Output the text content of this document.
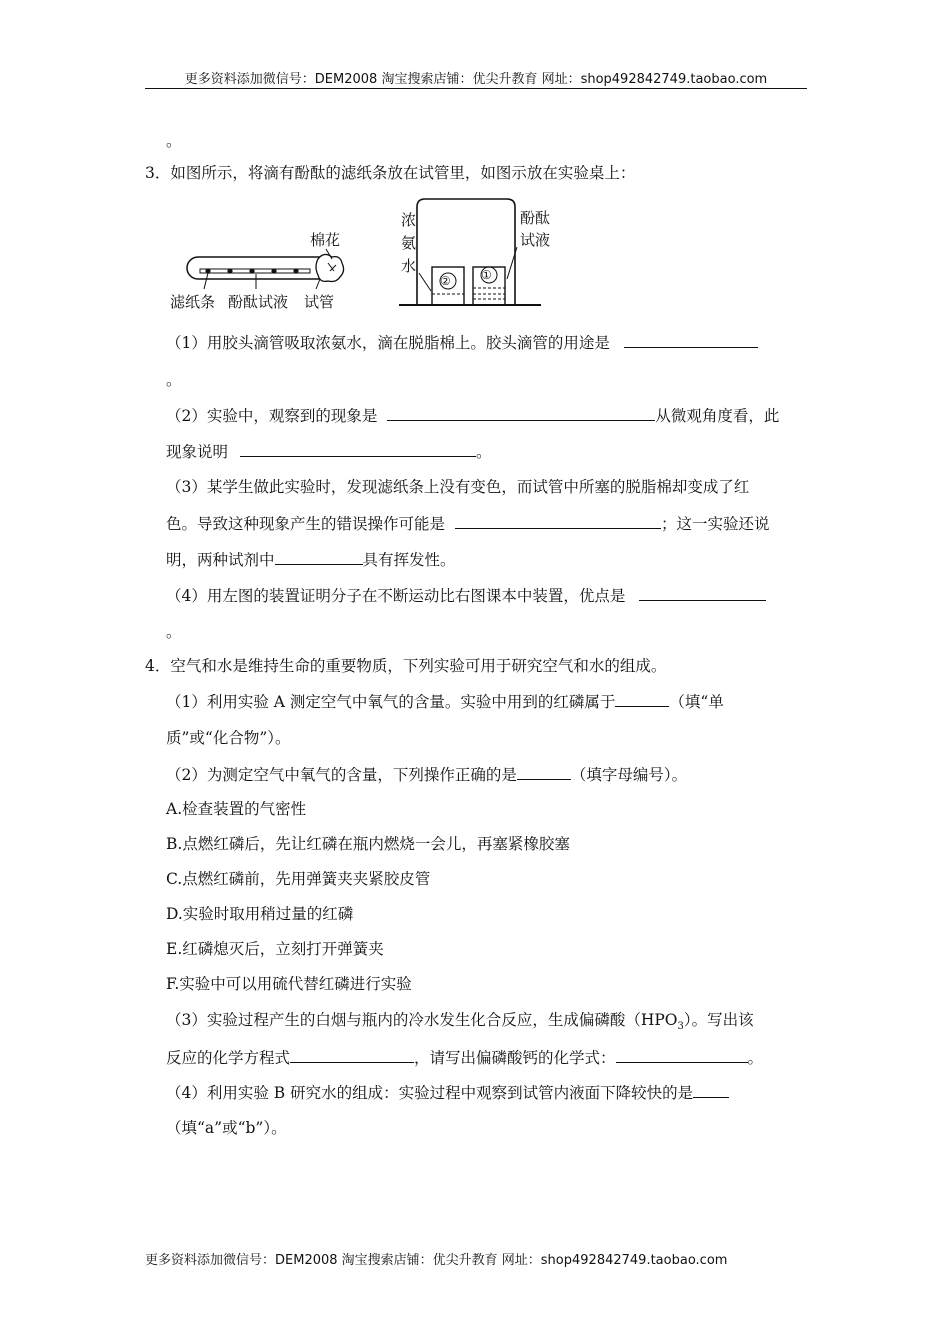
更多资料添加微信号：DEM2008 淘宝搜索店铺：优尖升教育 网址：shop492842749.taobao.com
。
3．如图所示，将滴有酚酞的滤纸条放在试管里，如图示放在实验桌上：
棉花
滤纸条 酚酞试液 试管
浓
氨
水
酚酞
试液
②	①
（1）用胶头滴管吸取浓氨水，滴在脱脂棉上。胶头滴管的用途是
。
（2）实验中，观察到的现象是	从微观角度看，此
现象说明	。
（3）某学生做此实验时，发现滤纸条上没有变色，而试管中所塞的脱脂棉却变成了红
色。导致这种现象产生的错误操作可能是	；这一实验还说
明，两种试剂中	具有挥发性。
（4）用左图的装置证明分子在不断运动比右图课本中装置，优点是
。
4．空气和水是维持生命的重要物质，下列实验可用于研究空气和水的组成。
（1）利用实验 A 测定空气中氧气的含量。实验中用到的红磷属于	（填“单
质”或“化合物”）。
（2）为测定空气中氧气的含量，下列操作正确的是	（填字母编号）。
A.检查装置的气密性
B.点燃红磷后，先让红磷在瓶内燃烧一会儿，再塞紧橡胶塞
C.点燃红磷前，先用弹簧夹夹紧胶皮管
D.实验时取用稍过量的红磷
E.红磷熄灭后，立刻打开弹簧夹
F.实验中可以用硫代替红磷进行实验
（3）实验过程产生的白烟与瓶内的冷水发生化合反应，生成偏磷酸$(HPO_3)$。写出该
反应的化学方程式	，请写出偏磷酸钙的化学式：	。
（4）利用实验 B 研究水的组成：实验过程中观察到试管内液面下降较快的是
（填“a”或“b”）。
更多资料添加微信号：DEM2008 淘宝搜索店铺：优尖升教育 网址：shop492842749.taobao.com
